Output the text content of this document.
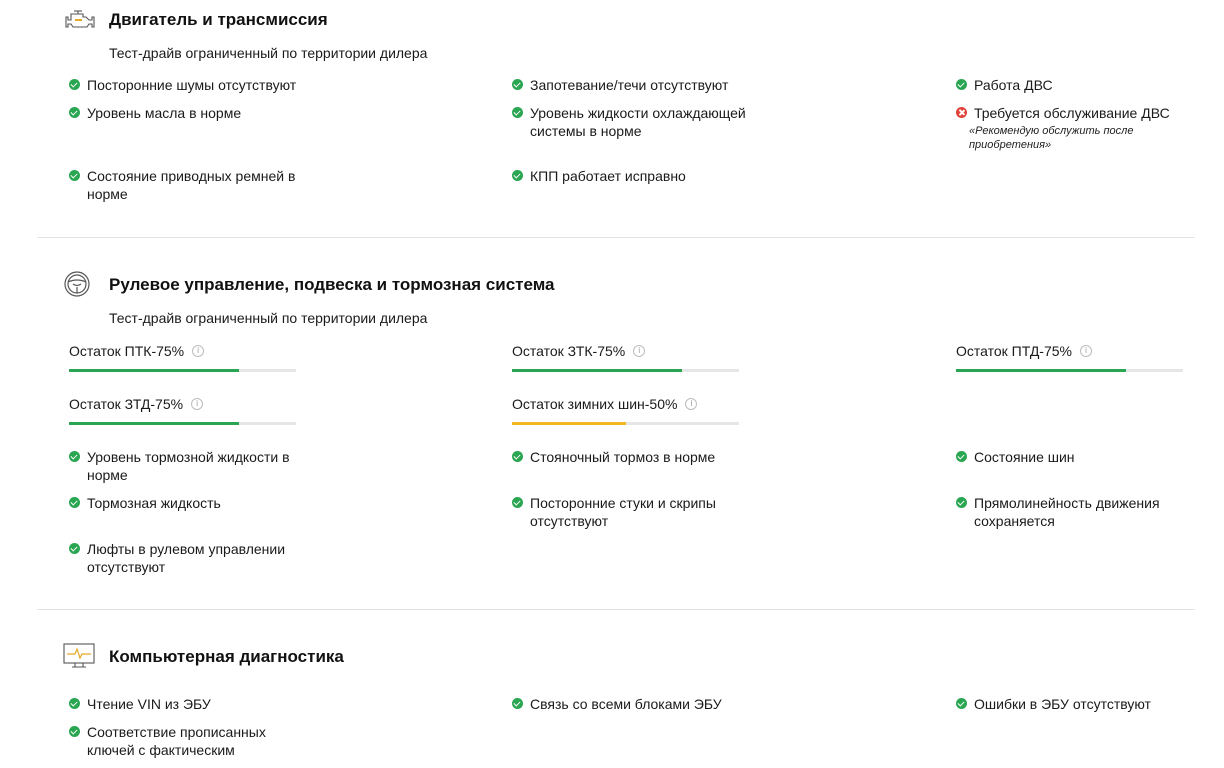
Двигатель и трансмиссия
Тест-драйв ограниченный по территории дилера
Посторонние шумы отсутствуют	Запотевание/течи отсутствуют	Работа ДВС
Уровень масла в норме	Уровень жидкости охлаждающей системы в норме
Требуется обслуживание ДВС
«Рекомендую обслужить после приобретения»
Состояние приводных ремней в норме
КПП работает исправно
Рулевое управление, подвеска и тормозная система
Тест-драйв ограниченный по территории дилера
Остаток ПТК-75%	i	Остаток ЗТК-75%	i	Остаток ПТД-75%	i
Остаток ЗТД-75%	i	Остаток зимних шин-50%	i
Уровень тормозной жидкости в норме
Стояночный тормоз в норме	Состояние шин
Тормозная жидкость	Посторонние стуки и скрипы отсутствуют
Прямолинейность движения сохраняется
Люфты в рулевом управлении отсутствуют
Компьютерная диагностика
Чтение VIN из ЭБУ	Связь со всеми блоками ЭБУ	Ошибки в ЭБУ отсутствуют
Соответствие прописанных ключей с фактическим
